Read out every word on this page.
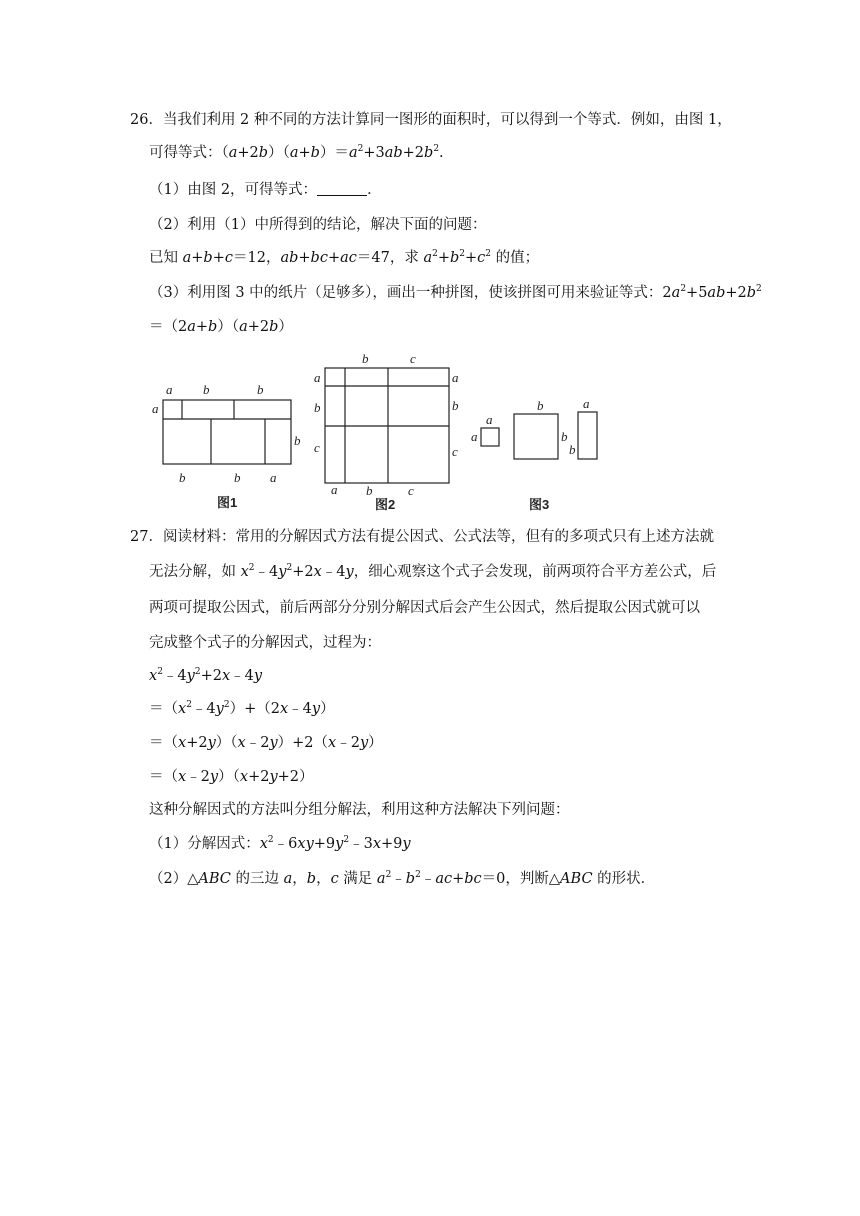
26．当我们利用 2 种不同的方法计算同一图形的面积时，可以得到一个等式．例如，由图 1，
可得等式：$(a+2b)(a+b)=a^2+3ab+2b^2$.
（1）由图 2，可得等式：	．
（2）利用（1）中所得到的结论，解决下面的问题：
已知 a+b+c＝12，ab+bc+ac＝47，求 $a^2+b^2+c^2$ 的值；
（3）利用图 3 中的纸片（足够多），画出一种拼图，使该拼图可用来验证等式：$2a^2+5ab+2b^2$
＝（2a+b）（a+2b）
a b	b
a
b
b	b a
图1
b	c
a
b
c
a
b
c
a b	c
图2
a
a
b
b
a
b
图3
27．阅读材料：常用的分解因式方法有提公因式、公式法等，但有的多项式只有上述方法就
无法分解，如 $x^2﹣4y^2+2x﹣4y$，细心观察这个式子会发现，前两项符合平方差公式，后
两项可提取公因式，前后两部分分别分解因式后会产生公因式，然后提取公因式就可以
完成整个式子的分解因式，过程为：
$x^2﹣4y^2+2x﹣4y$
$=(x^2﹣4y^2)+(2x﹣4y)$
＝（x+2y）（x﹣2y）+2（x﹣2y）
＝（x﹣2y）（x+2y+2）
这种分解因式的方法叫分组分解法，利用这种方法解决下列问题：
（1）分解因式：$x^2﹣6xy+9y^2﹣3x+9y$
（2）△ABC 的三边 a，b，c 满足 $a^2﹣b^2﹣ac+bc=0$，判断△ABC 的形状．
